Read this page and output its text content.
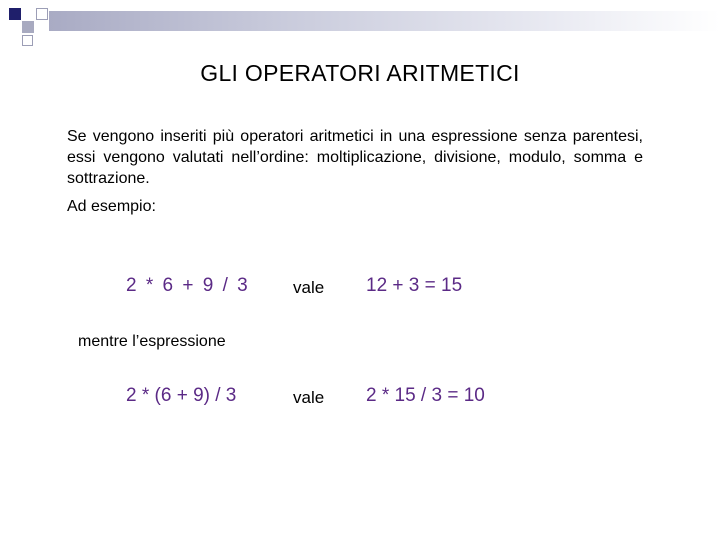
GLI OPERATORI ARITMETICI

Se vengono inseriti più operatori aritmetici in una espressione senza parentesi, essi vengono valutati nell’ordine: moltiplicazione, divisione, modulo, somma e sottrazione.

Ad esempio:
2 * 6 + 9 / 3	vale 12 + 3 = 15
mentre l’espressione
2 * (6 + 9) / 3	vale 2 * 15 / 3 = 10
